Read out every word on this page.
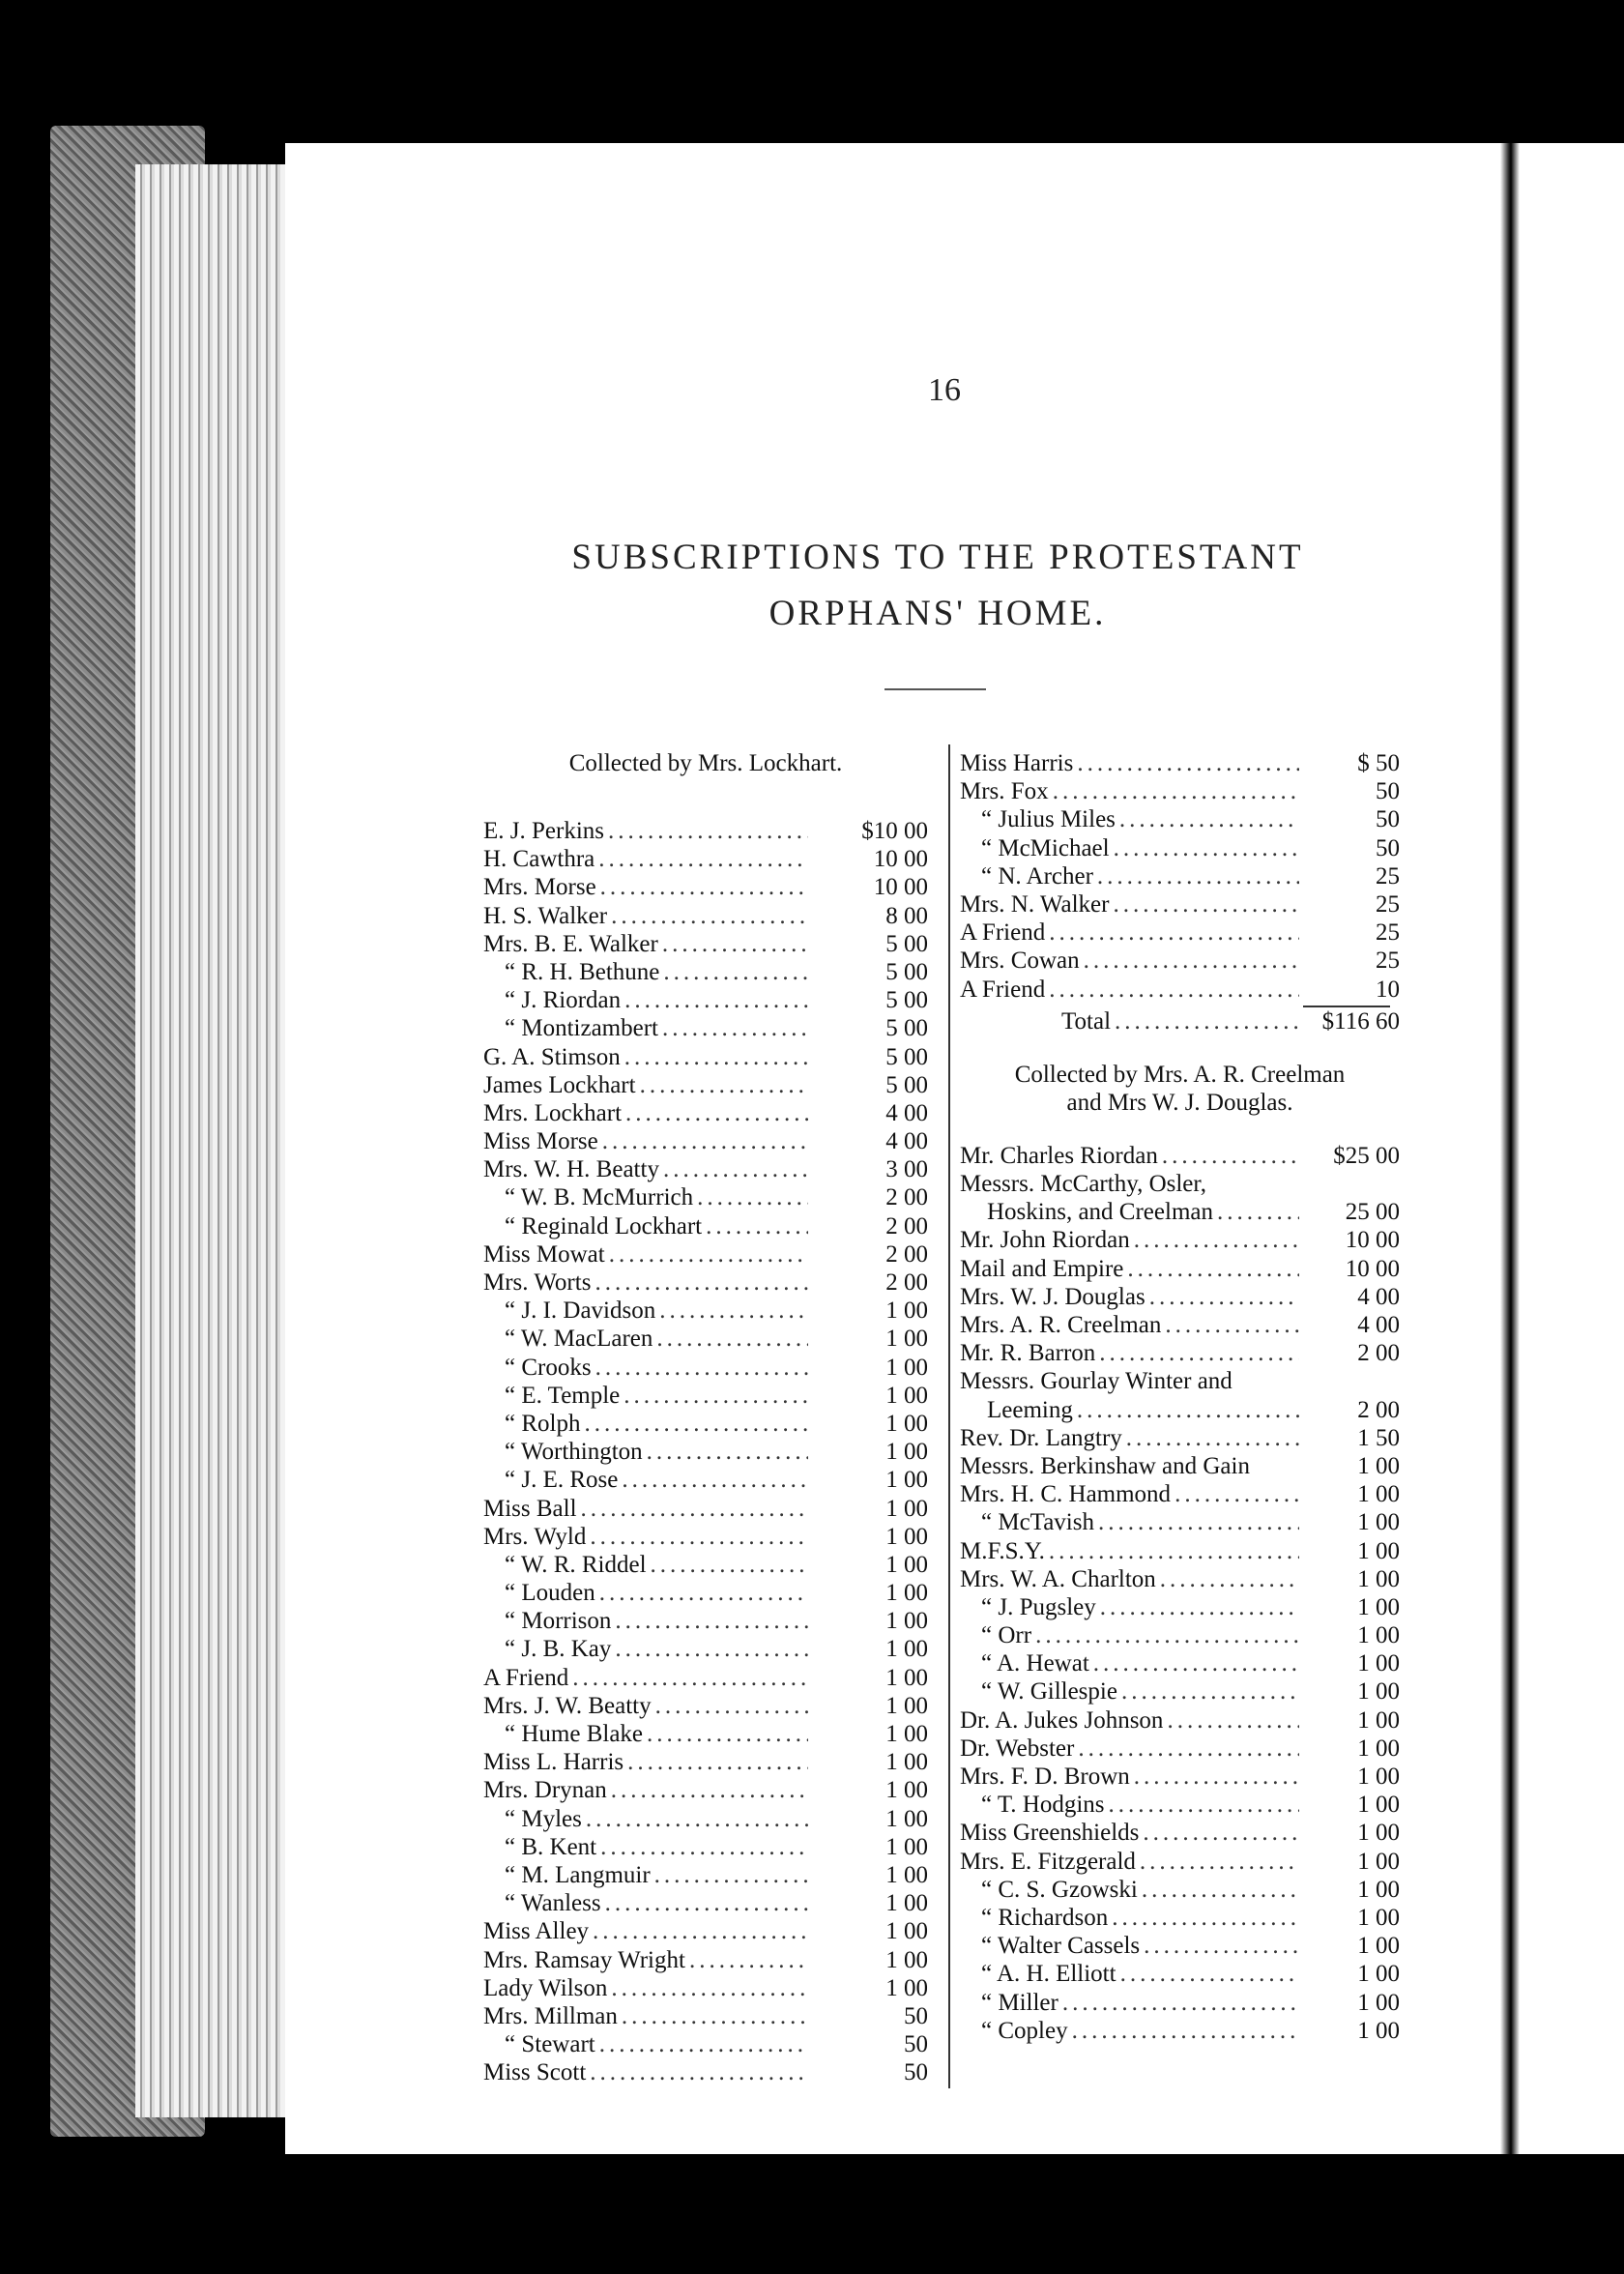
16
SUBSCRIPTIONS TO THE PROTESTANT
ORPHANS' HOME.
Collected by Mrs. Lockhart.
E. J. Perkins .....	$10 00
H. Cawthra .....	10 00
Mrs. Morse .....	10 00
H. S. Walker .....	8 00
Mrs. B. E. Walker .....	5 00
“ R. H. Bethune .....	5 00
“ J. Riordan .....	5 00
“ Montizambert .....	5 00
G. A. Stimson .....	5 00
James Lockhart .....	5 00
Mrs. Lockhart .....	4 00
Miss Morse .....	4 00
Mrs. W. H. Beatty .....	3 00
“ W. B. McMurrich .....	2 00
“ Reginald Lockhart .....	2 00
Miss Mowat .....	2 00
Mrs. Worts .....	2 00
“ J. I. Davidson .....	1 00
“ W. MacLaren .....	1 00
“ Crooks .....	1 00
“ E. Temple .....	1 00
“ Rolph .....	1 00
“ Worthington .....	1 00
“ J. E. Rose .....	1 00
Miss Ball .....	1 00
Mrs. Wyld .....	1 00
“ W. R. Riddel .....	1 00
“ Louden .....	1 00
“ Morrison .....	1 00
“ J. B. Kay .....	1 00
A Friend .....	1 00
Mrs. J. W. Beatty .....	1 00
“ Hume Blake .....	1 00
Miss L. Harris .....	1 00
Mrs. Drynan .....	1 00
“ Myles .....	1 00
“ B. Kent .....	1 00
“ M. Langmuir .....	1 00
“ Wanless .....	1 00
Miss Alley .....	1 00
Mrs. Ramsay Wright .....	1 00
Lady Wilson .....	1 00
Mrs. Millman .....	50
“ Stewart .....	50
Miss Scott .....	50
Miss Harris .....	$ 50
Mrs. Fox .....	50
“ Julius Miles .....	50
“ McMichael .....	50
“ N. Archer .....	25
Mrs. N. Walker .....	25
A Friend .....	25
Mrs. Cowan .....	25
A Friend .....	10
Total .....	$116 60
Collected by Mrs. A. R. Creelman
and Mrs W. J. Douglas.
Mr. Charles Riordan .....	$25 00
Messrs. McCarthy, Osler,
Hoskins, and Creelman .....	25 00
Mr. John Riordan .....	10 00
Mail and Empire .....	10 00
Mrs. W. J. Douglas .....	4 00
Mrs. A. R. Creelman .....	4 00
Mr. R. Barron .....	2 00
Messrs. Gourlay Winter and
Leeming .....	2 00
Rev. Dr. Langtry .....	1 50
Messrs. Berkinshaw and Gain	1 00
Mrs. H. C. Hammond .....	1 00
“ McTavish .....	1 00
M.F.S.Y. .....	1 00
Mrs. W. A. Charlton .....	1 00
“ J. Pugsley .....	1 00
“ Orr .....	1 00
“ A. Hewat .....	1 00
“ W. Gillespie .....	1 00
Dr. A. Jukes Johnson .....	1 00
Dr. Webster .....	1 00
Mrs. F. D. Brown .....	1 00
“ T. Hodgins .....	1 00
Miss Greenshields .....	1 00
Mrs. E. Fitzgerald .....	1 00
“ C. S. Gzowski .....	1 00
“ Richardson .....	1 00
“ Walter Cassels .....	1 00
“ A. H. Elliott .....	1 00
“ Miller .....	1 00
“ Copley .....	1 00
